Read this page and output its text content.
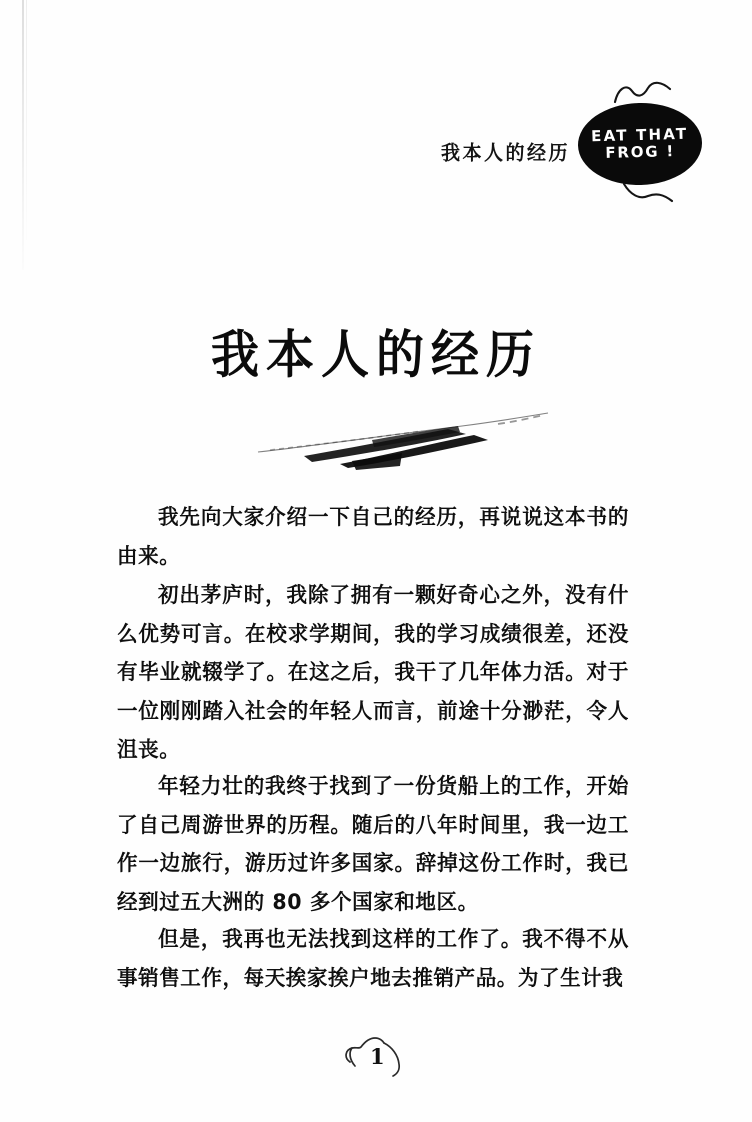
我本人的经历
EAT THAT
FROG !
我本人的经历

我先向大家介绍一下自己的经历，再说说这本书的由来。

初出茅庐时，我除了拥有一颗好奇心之外，没有什么优势可言。在校求学期间，我的学习成绩很差，还没有毕业就辍学了。在这之后，我干了几年体力活。对于一位刚刚踏入社会的年轻人而言，前途十分渺茫，令人沮丧。

年轻力壮的我终于找到了一份货船上的工作，开始了自己周游世界的历程。随后的八年时间里，我一边工作一边旅行，游历过许多国家。辞掉这份工作时，我已经到过五大洲的 80 多个国家和地区。

但是，我再也无法找到这样的工作了。我不得不从事销售工作，每天挨家挨户地去推销产品。为了生计我

1
